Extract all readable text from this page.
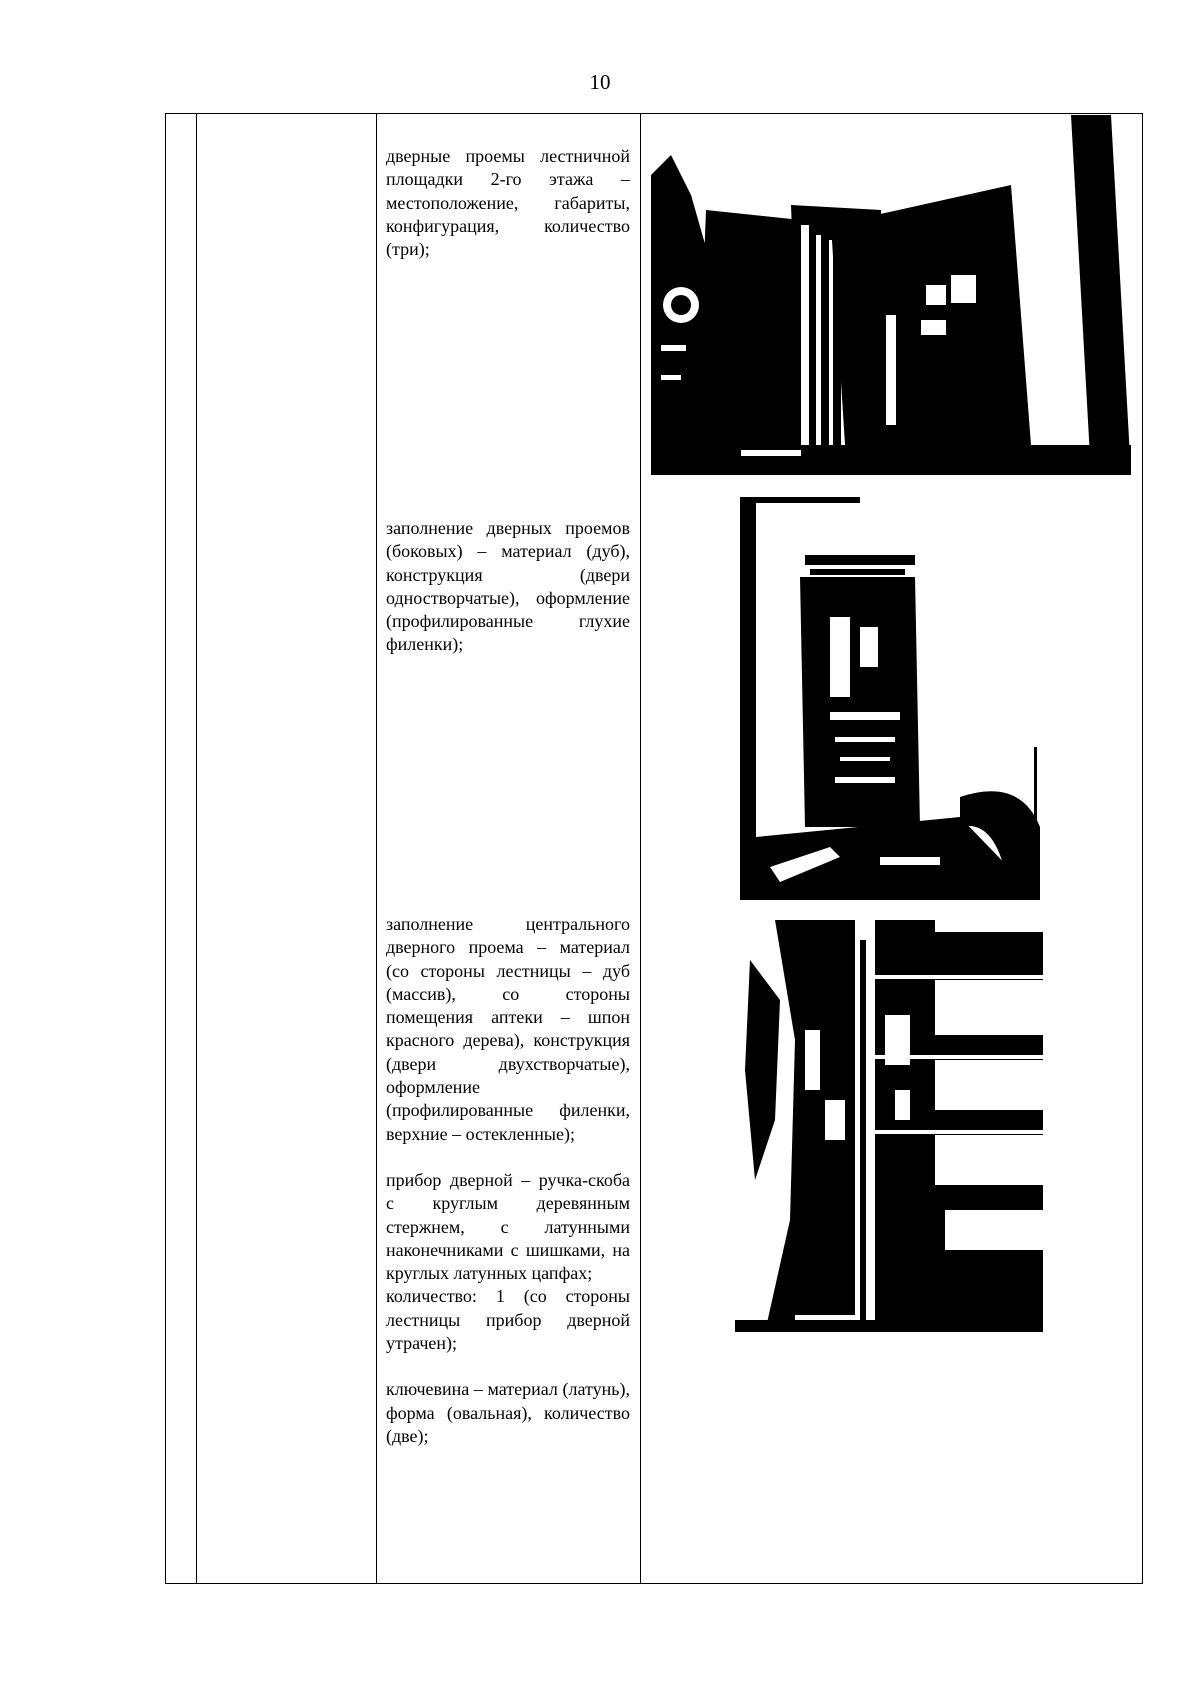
10

дверные проемы лестничной площадки 2-го этажа – местоположение, габариты, конфигурация, количество (три);

заполнение дверных проемов (боковых) – материал (дуб), конструкция (двери одностворчатые), оформление (профилированные глухие филенки);

заполнение центрального дверного проема – материал (со стороны лестницы – дуб (массив), со стороны помещения аптеки – шпон красного дерева), конструкция (двери двухстворчатые), оформление (профилированные филенки, верхние – остекленные);

прибор дверной – ручка-скоба с круглым деревянным стержнем, с латунными наконечниками с шишками, на круглых латунных цапфах;

количество: 1 (со стороны лестницы прибор дверной утрачен);

ключевина – материал (латунь), форма (овальная), количество (две);
